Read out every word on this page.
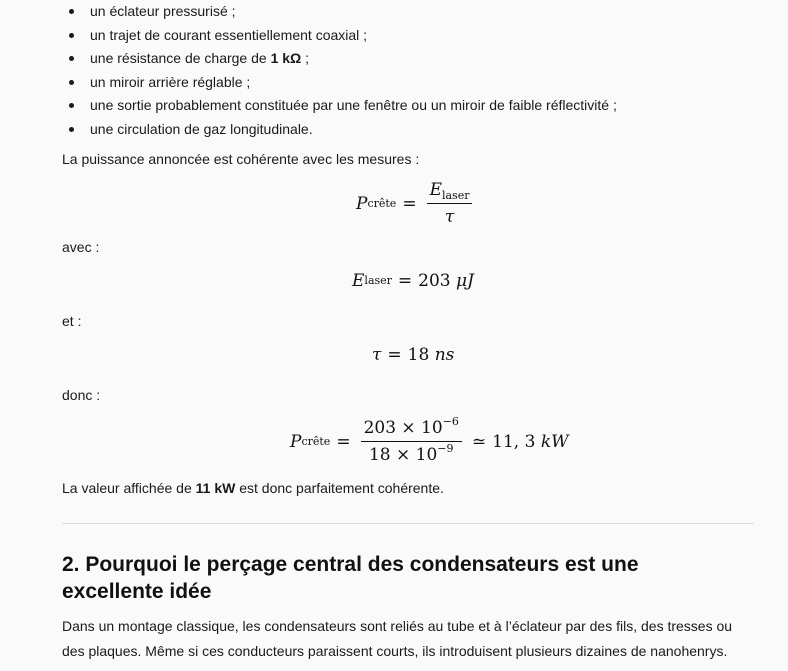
un éclateur pressurisé ;
un trajet de courant essentiellement coaxial ;
une résistance de charge de 1 kΩ ;
un miroir arrière réglable ;
une sortie probablement constituée par une fenêtre ou un miroir de faible réflectivité ;
une circulation de gaz longitudinale.
La puissance annoncée est cohérente avec les mesures :
P crête = $\frac{E_{laser}}{\tau}$
avec :
E laser = 203
μJ
et :
τ = 18
ns
donc :
P crête = $\frac{203 \times 10^{-6}}{18 \times 10^{-9}}$ ≃ 11, 3
kW
La valeur affichée de 11 kW est donc parfaitement cohérente.
2. Pourquoi le perçage central des condensateurs est une excellente idée
Dans un montage classique, les condensateurs sont reliés au tube et à l’éclateur par des fils, des tresses ou des plaques. Même si ces conducteurs paraissent courts, ils introduisent plusieurs dizaines de nanohenrys.
